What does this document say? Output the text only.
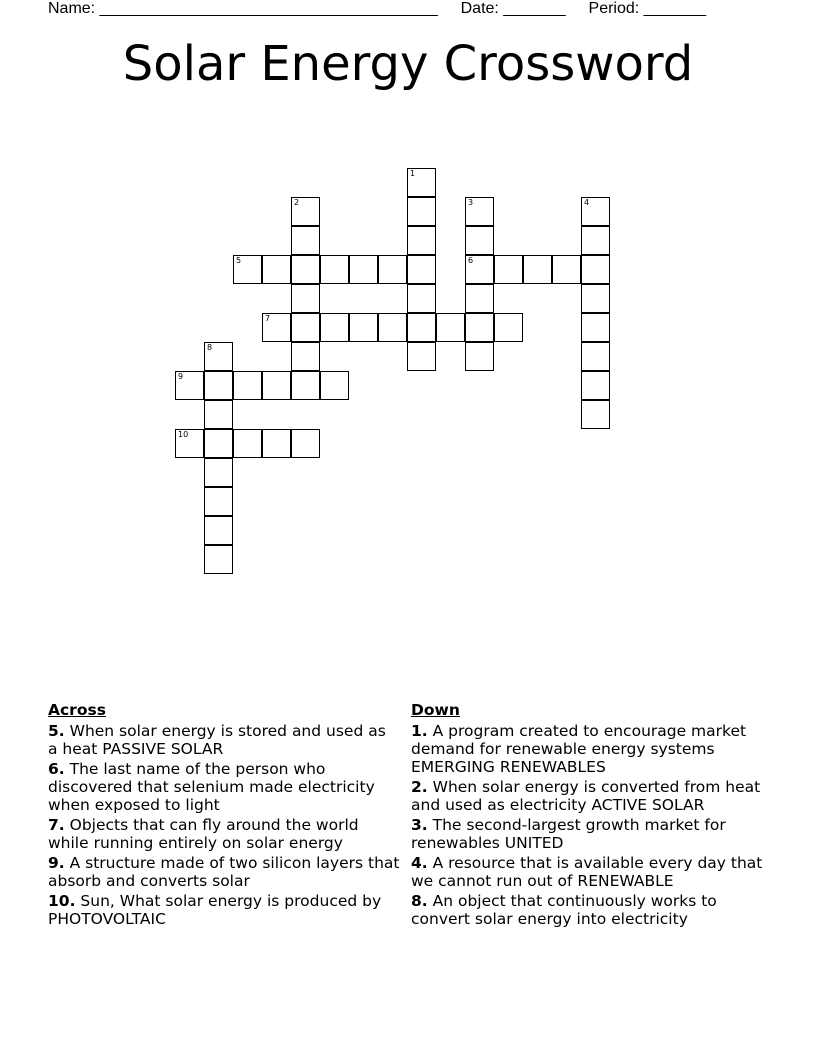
Name: ______________________________________ Date: _______ Period: _______
Solar Energy Crossword
1
2	3
6
4
5
7
8
9
10
Across
5. When solar energy is stored and used as a heat PASSIVE SOLAR
6. The last name of the person who discovered that selenium made electricity when exposed to light
7. Objects that can fly around the world while running entirely on solar energy
9. A structure made of two silicon layers that absorb and converts solar
10. Sun, What solar energy is produced by PHOTOVOLTAIC
Down
1. A program created to encourage market demand for renewable energy systems EMERGING RENEWABLES
2. When solar energy is converted from heat and used as electricity ACTIVE SOLAR
3. The second-largest growth market for renewables UNITED
4. A resource that is available every day that we cannot run out of RENEWABLE
8. An object that continuously works to convert solar energy into electricity
